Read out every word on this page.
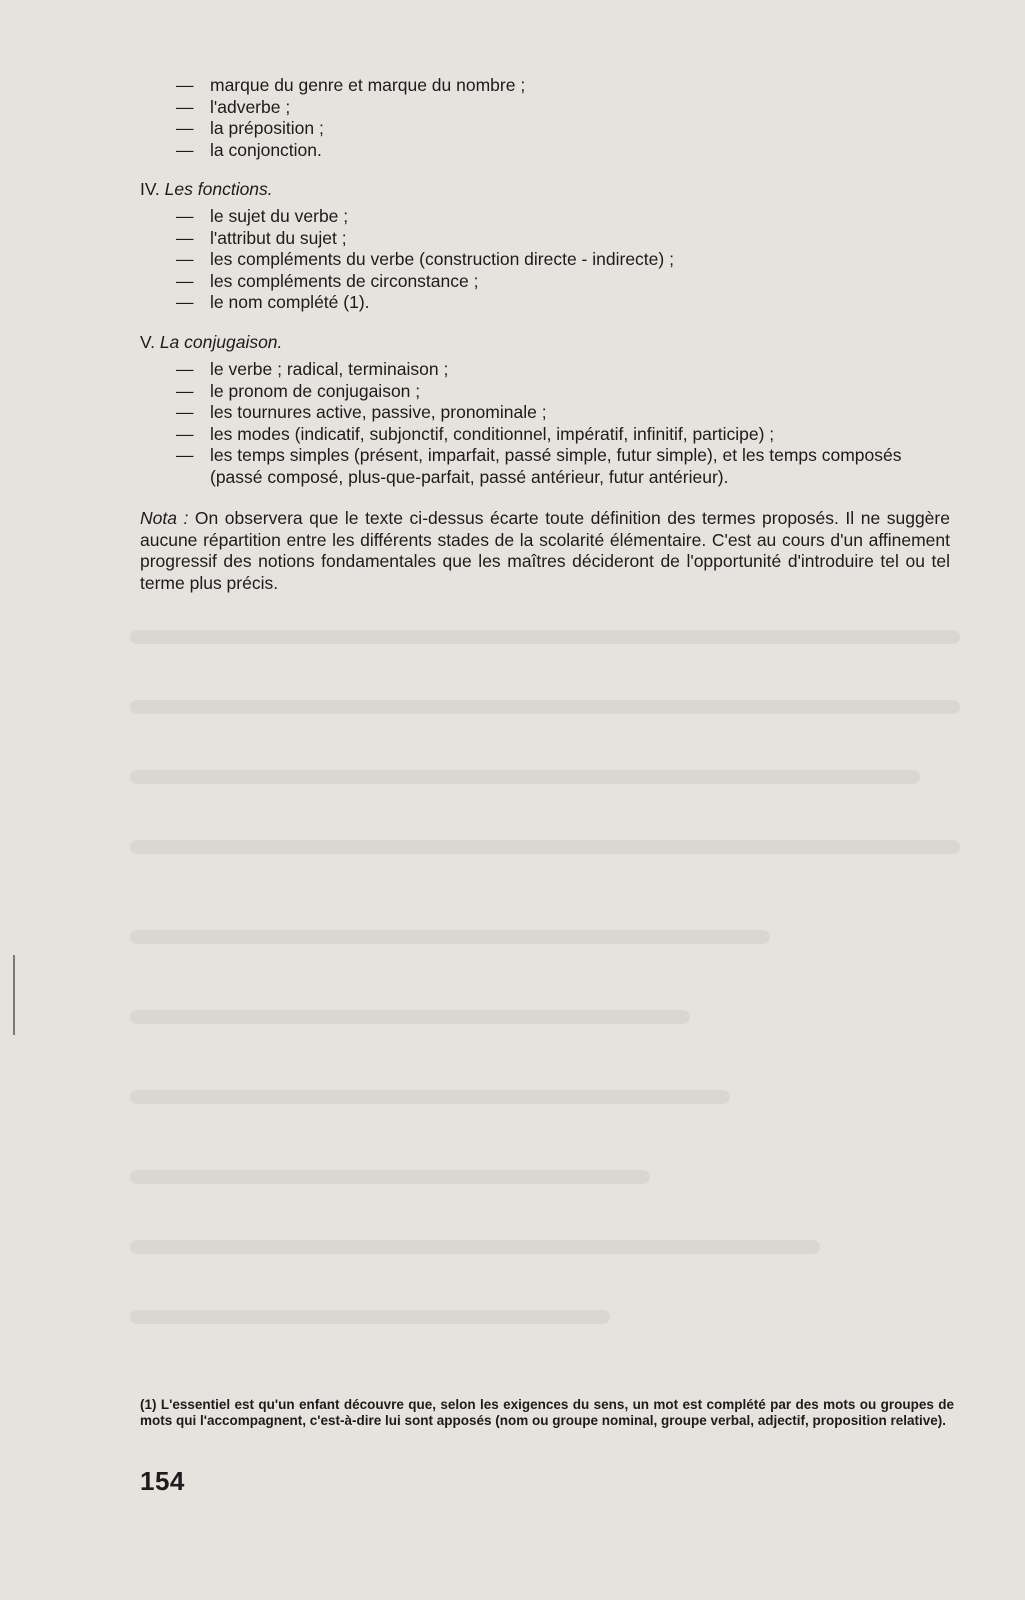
— marque du genre et marque du nombre ;
— l'adverbe ;
— la préposition ;
— la conjonction.

IV. Les fonctions.

— le sujet du verbe ;
— l'attribut du sujet ;
— les compléments du verbe (construction directe - indirecte) ;
— les compléments de circonstance ;
— le nom complété (1).

V. La conjugaison.

— le verbe ; radical, terminaison ;
— le pronom de conjugaison ;
— les tournures active, passive, pronominale ;
— les modes (indicatif, subjonctif, conditionnel, impératif, infinitif, participe) ;
— les temps simples (présent, imparfait, passé simple, futur simple), et les temps composés (passé composé, plus-que-parfait, passé antérieur, futur antérieur).

Nota : On observera que le texte ci-dessus écarte toute définition des termes proposés. Il ne suggère aucune répartition entre les différents stades de la scolarité élémentaire. C'est au cours d'un affinement progressif des notions fondamentales que les maîtres décideront de l'opportunité d'introduire tel ou tel terme plus précis.

(1) L'essentiel est qu'un enfant découvre que, selon les exigences du sens, un mot est complété par des mots ou groupes de mots qui l'accompagnent, c'est-à-dire lui sont apposés (nom ou groupe nominal, groupe verbal, adjectif, proposition relative).

154
